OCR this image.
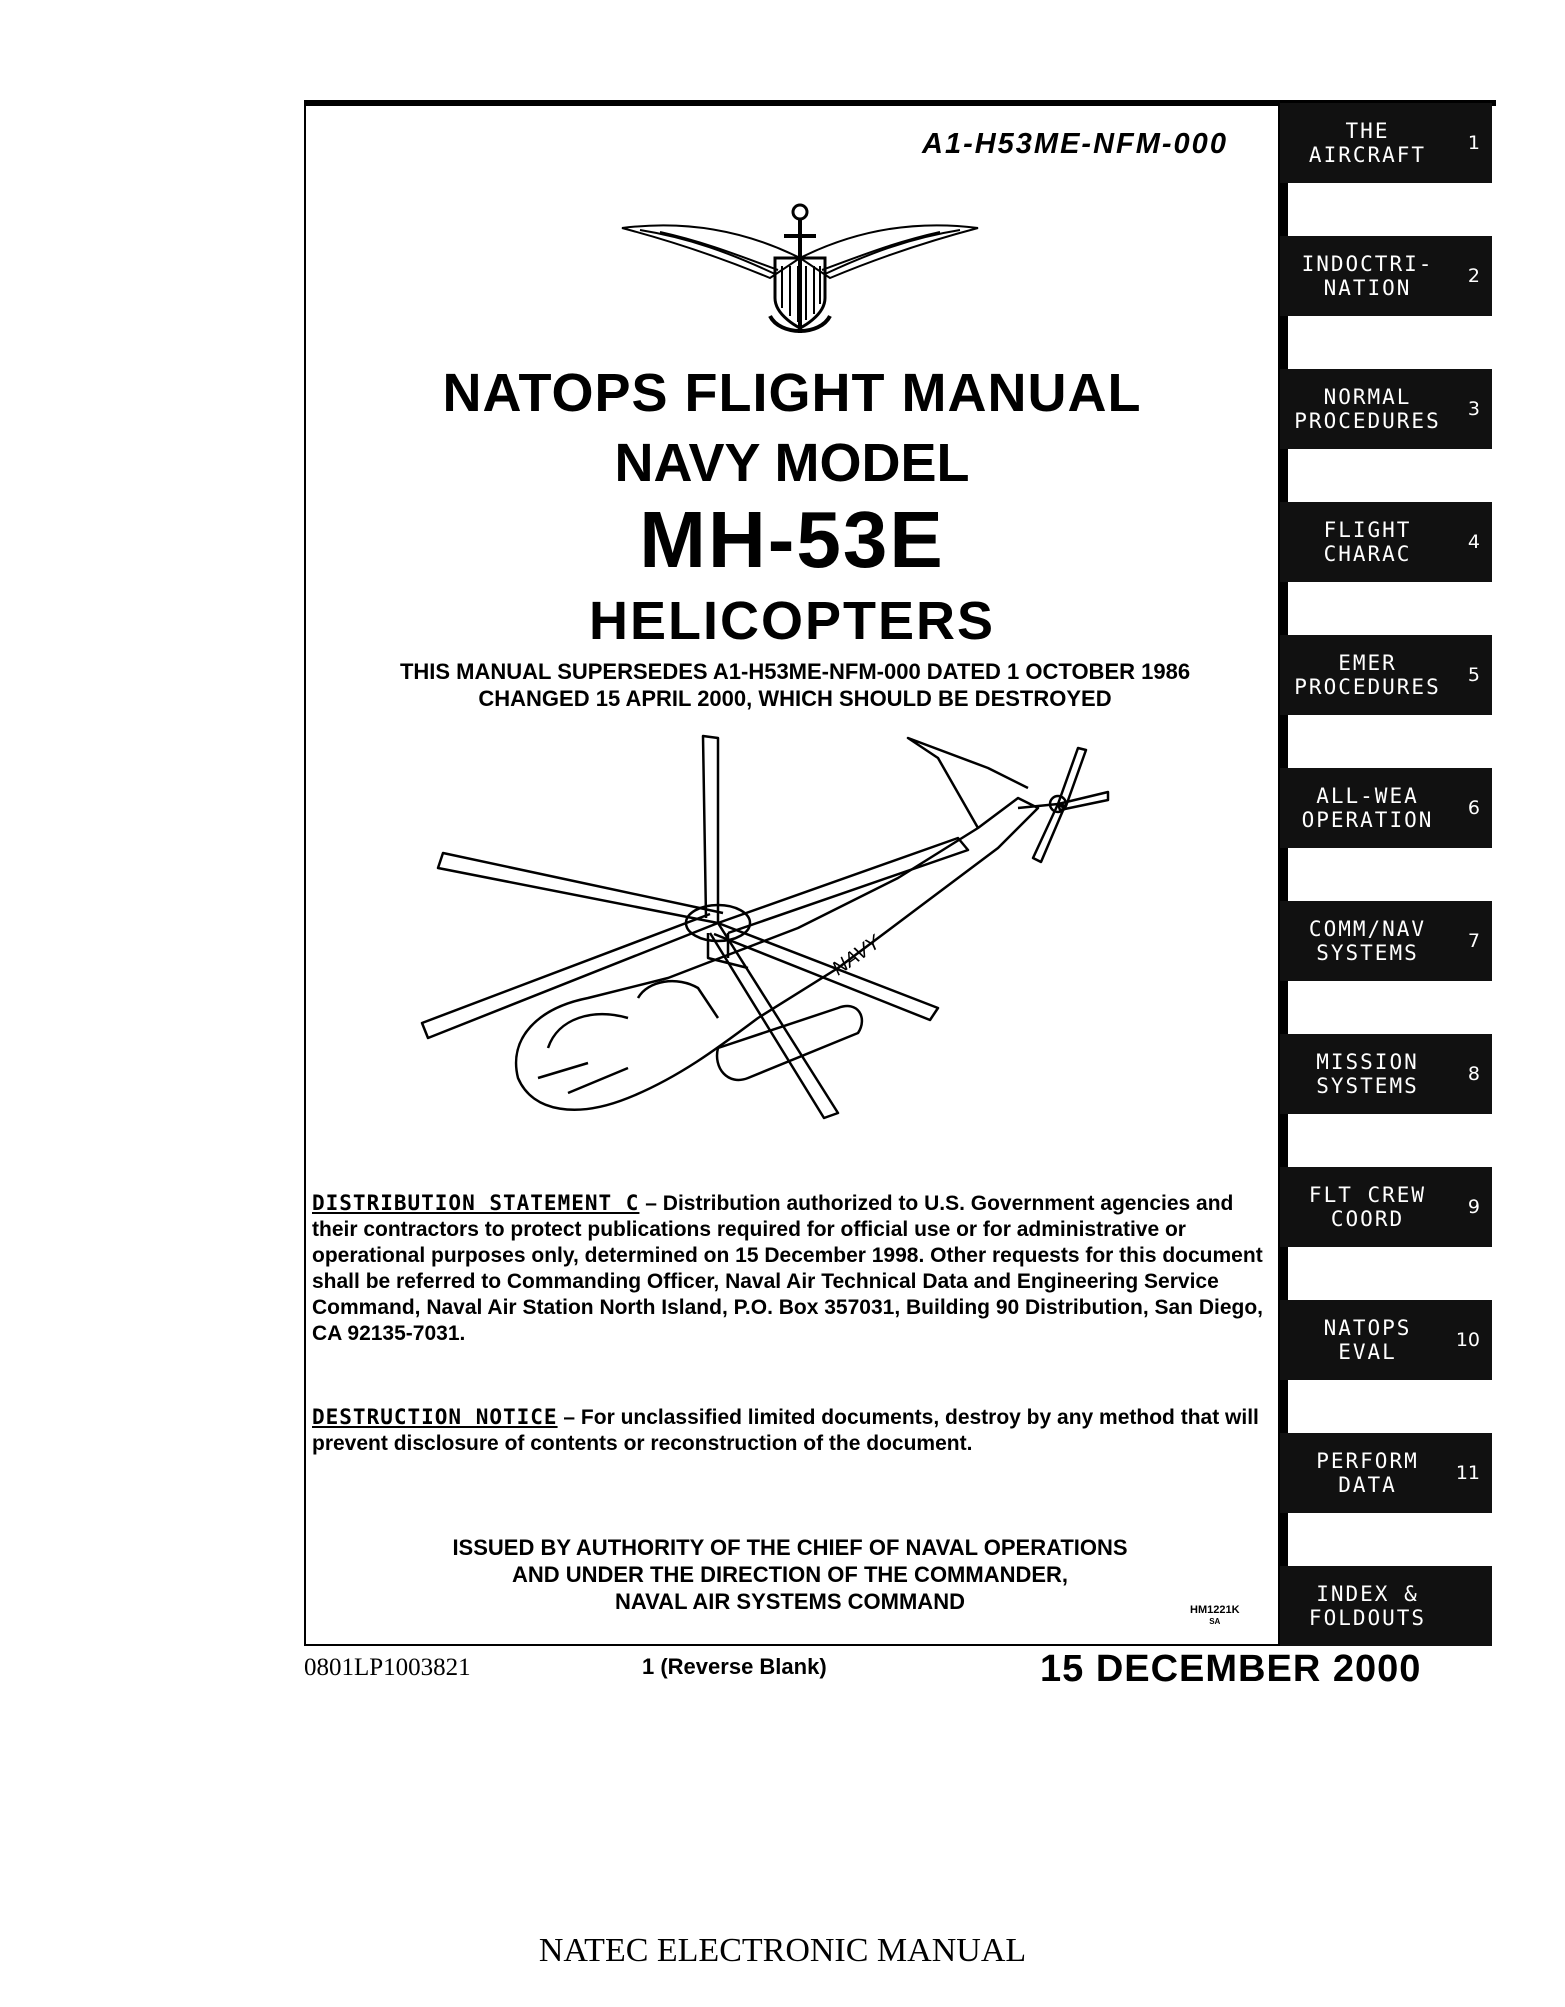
A1-H53ME-NFM-000
NATOPS FLIGHT MANUAL
NAVY MODEL
MH-53E
HELICOPTERS
THIS MANUAL SUPERSEDES A1-H53ME-NFM-000 DATED 1 OCTOBER 1986
CHANGED 15 APRIL 2000, WHICH SHOULD BE DESTROYED
NAVY
DISTRIBUTION STATEMENT C – Distribution authorized to U.S. Government agencies and their contractors to protect publications required for official use or for administrative or operational purposes only, determined on 15 December 1998. Other requests for this document shall be referred to Commanding Officer, Naval Air Technical Data and Engineering Service Command, Naval Air Station North Island, P.O. Box 357031, Building 90 Distribution, San Diego, CA 92135-7031.
DESTRUCTION NOTICE – For unclassified limited documents, destroy by any method that will prevent disclosure of contents or reconstruction of the document.
ISSUED BY AUTHORITY OF THE CHIEF OF NAVAL OPERATIONS
AND UNDER THE DIRECTION OF THE COMMANDER,
NAVAL AIR SYSTEMS COMMAND	HM1221K
SA
THE
AIRCRAFT	1
INDOCTRI-
NATION	2
NORMAL
PROCEDURES	3
FLIGHT
CHARAC	4
EMER
PROCEDURES	5
ALL-WEA
OPERATION	6
COMM/NAV
SYSTEMS	7
MISSION
SYSTEMS	8
FLT CREW
COORD	9
NATOPS
EVAL	10
PERFORM
DATA	11
INDEX &
FOLDOUTS
0801LP1003821	1 (Reverse Blank)	15 DECEMBER 2000
NATEC ELECTRONIC MANUAL
